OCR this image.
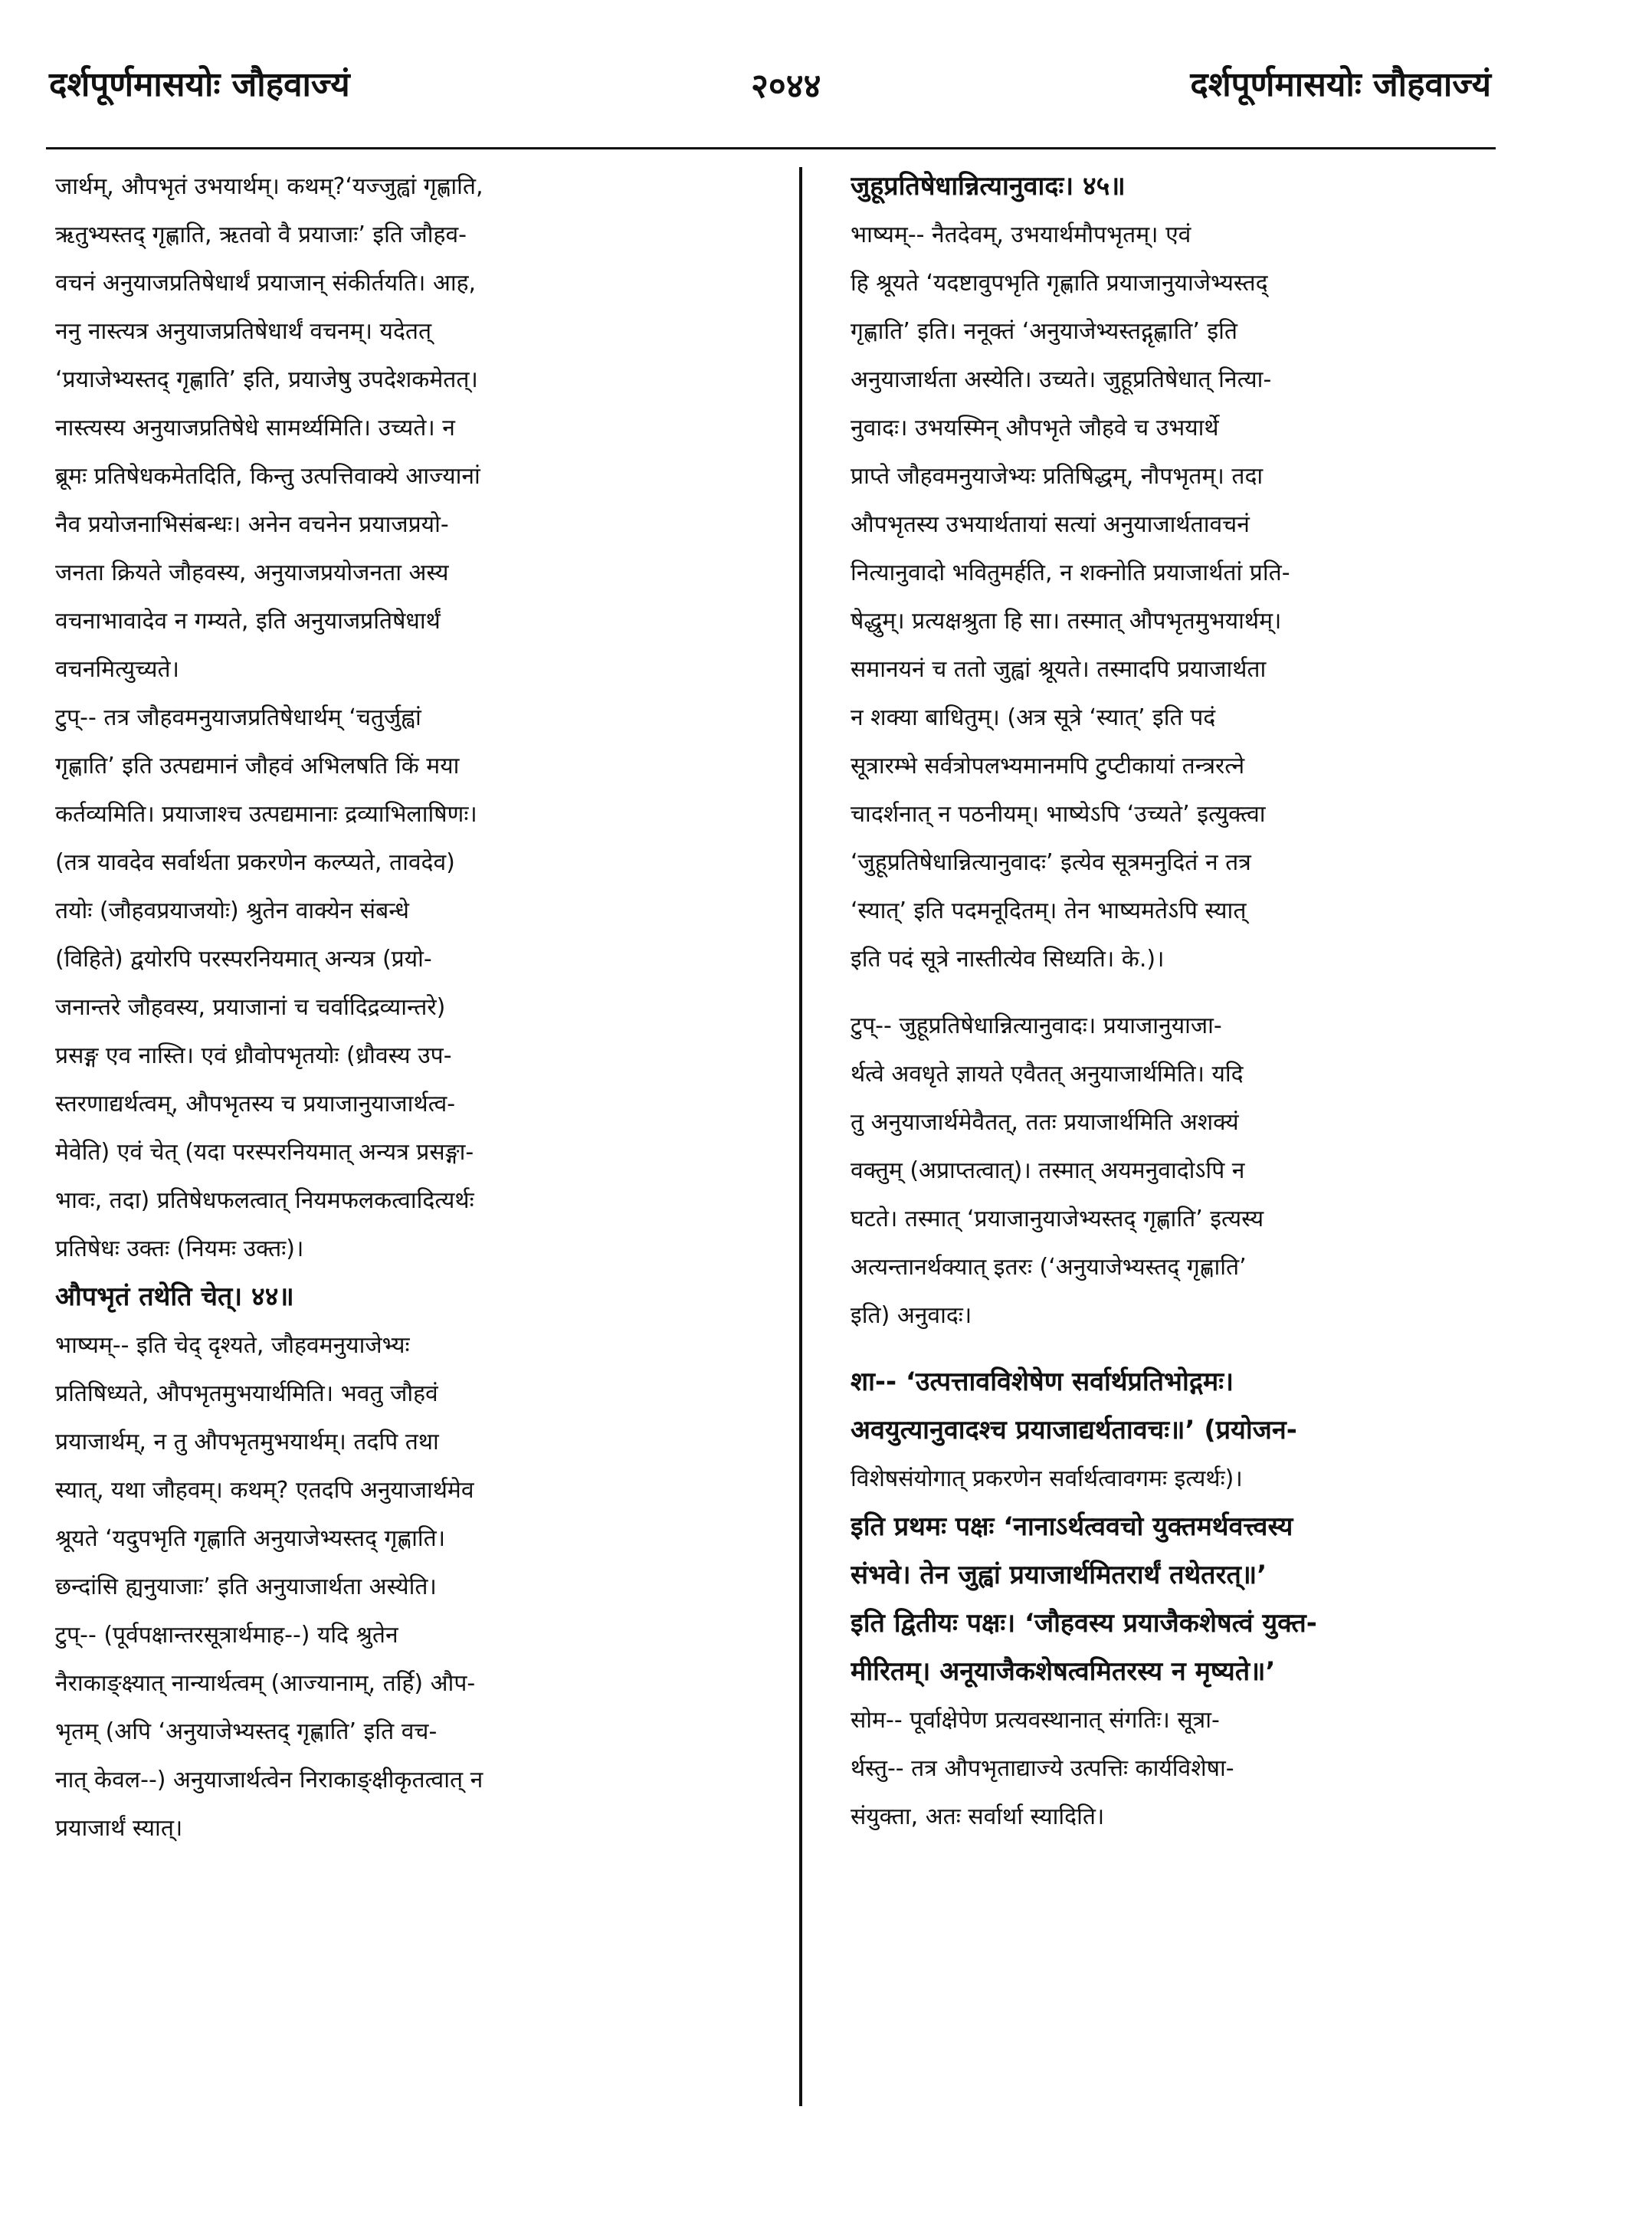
दर्शपूर्णमासयोः जौहवाज्यं	२०४४	दर्शपूर्णमासयोः जौहवाज्यं
जार्थम्, औपभृतं उभयार्थम्। कथम्?‘यज्जुह्वां गृह्णाति,
ऋतुभ्यस्तद् गृह्णाति, ऋतवो वै प्रयाजाः’ इति जौहव-
वचनं अनुयाजप्रतिषेधार्थं प्रयाजान् संकीर्तयति। आह,
ननु नास्त्यत्र अनुयाजप्रतिषेधार्थं वचनम्। यदेतत्
‘प्रयाजेभ्यस्तद् गृह्णाति’ इति, प्रयाजेषु उपदेशकमेतत्।
नास्त्यस्य अनुयाजप्रतिषेधे सामर्थ्यमिति। उच्यते। न
ब्रूमः प्रतिषेधकमेतदिति, किन्तु उत्पत्तिवाक्ये आज्यानां
नैव प्रयोजनाभिसंबन्धः। अनेन वचनेन प्रयाजप्रयो-
जनता क्रियते जौहवस्य, अनुयाजप्रयोजनता अस्य
वचनाभावादेव न गम्यते, इति अनुयाजप्रतिषेधार्थं
वचनमित्युच्यते।
टुप्-- तत्र जौहवमनुयाजप्रतिषेधार्थम् ‘चतुर्जुह्वां
गृह्णाति’ इति उत्पद्यमानं जौहवं अभिलषति किं मया
कर्तव्यमिति। प्रयाजाश्च उत्पद्यमानाः द्रव्याभिलाषिणः।
(तत्र यावदेव सर्वार्थता प्रकरणेन कल्प्यते, तावदेव)
तयोः (जौहवप्रयाजयोः) श्रुतेन वाक्येन संबन्धे
(विहिते) द्वयोरपि परस्परनियमात् अन्यत्र (प्रयो-
जनान्तरे जौहवस्य, प्रयाजानां च चर्वादिद्रव्यान्तरे)
प्रसङ्ग एव नास्ति। एवं ध्रौवोपभृतयोः (ध्रौवस्य उप-
स्तरणाद्यर्थत्वम्, औपभृतस्य च प्रयाजानुयाजार्थत्व-
मेवेति) एवं चेत् (यदा परस्परनियमात् अन्यत्र प्रसङ्गा-
भावः, तदा) प्रतिषेधफलत्वात् नियमफलकत्वादित्यर्थः
प्रतिषेधः उक्तः (नियमः उक्तः)।
औपभृतं तथेति चेत्। ४४॥
भाष्यम्-- इति चेद् दृश्यते, जौहवमनुयाजेभ्यः
प्रतिषिध्यते, औपभृतमुभयार्थमिति। भवतु जौहवं
प्रयाजार्थम्, न तु औपभृतमुभयार्थम्। तदपि तथा
स्यात्, यथा जौहवम्। कथम्? एतदपि अनुयाजार्थमेव
श्रूयते ‘यदुपभृति गृह्णाति अनुयाजेभ्यस्तद् गृह्णाति।
छन्दांसि ह्यनुयाजाः’ इति अनुयाजार्थता अस्येति।
टुप्-- (पूर्वपक्षान्तरसूत्रार्थमाह--) यदि श्रुतेन
नैराकाङ्क्ष्यात् नान्यार्थत्वम् (आज्यानाम्, तर्हि) औप-
भृतम् (अपि ‘अनुयाजेभ्यस्तद् गृह्णाति’ इति वच-
नात् केवल--) अनुयाजार्थत्वेन निराकाङ्क्षीकृतत्वात् न
प्रयाजार्थं स्यात्।
जुहूप्रतिषेधान्नित्यानुवादः। ४५॥
भाष्यम्-- नैतदेवम्, उभयार्थमौपभृतम्। एवं
हि श्रूयते ‘यदष्टावुपभृति गृह्णाति प्रयाजानुयाजेभ्यस्तद्
गृह्णाति’ इति। ननूक्तं ‘अनुयाजेभ्यस्तद्गृह्णाति’ इति
अनुयाजार्थता अस्येति। उच्यते। जुहूप्रतिषेधात् नित्या-
नुवादः। उभयस्मिन् औपभृते जौहवे च उभयार्थे
प्राप्ते जौहवमनुयाजेभ्यः प्रतिषिद्धम्, नौपभृतम्। तदा
औपभृतस्य उभयार्थतायां सत्यां अनुयाजार्थतावचनं
नित्यानुवादो भवितुमर्हति, न शक्नोति प्रयाजार्थतां प्रति-
षेद्धुम्। प्रत्यक्षश्रुता हि सा। तस्मात् औपभृतमुभयार्थम्।
समानयनं च ततो जुह्वां श्रूयते। तस्मादपि प्रयाजार्थता
न शक्या बाधितुम्। (अत्र सूत्रे ‘स्यात्’ इति पदं
सूत्रारम्भे सर्वत्रोपलभ्यमानमपि टुप्टीकायां तन्त्ररत्ने
चादर्शनात् न पठनीयम्। भाष्येऽपि ‘उच्यते’ इत्युक्त्वा
‘जुहूप्रतिषेधान्नित्यानुवादः’ इत्येव सूत्रमनुदितं न तत्र
‘स्यात्’ इति पदमनूदितम्। तेन भाष्यमतेऽपि स्यात्
इति पदं सूत्रे नास्तीत्येव सिध्यति। के.)।
टुप्-- जुहूप्रतिषेधान्नित्यानुवादः। प्रयाजानुयाजा-
र्थत्वे अवधृते ज्ञायते एवैतत् अनुयाजार्थमिति। यदि
तु अनुयाजार्थमेवैतत्, ततः प्रयाजार्थमिति अशक्यं
वक्तुम् (अप्राप्तत्वात्)। तस्मात् अयमनुवादोऽपि न
घटते। तस्मात् ‘प्रयाजानुयाजेभ्यस्तद् गृह्णाति’ इत्यस्य
अत्यन्तानर्थक्यात् इतरः (‘अनुयाजेभ्यस्तद् गृह्णाति’
इति) अनुवादः।
शा-- ‘उत्पत्तावविशेषेण सर्वार्थप्रतिभोद्गमः।
अवयुत्यानुवादश्च प्रयाजाद्यर्थतावचः॥’ (प्रयोजन-
विशेषसंयोगात् प्रकरणेन सर्वार्थत्वावगमः इत्यर्थः)।
इति प्रथमः पक्षः ‘नानाऽर्थत्ववचो युक्तमर्थवत्त्वस्य
संभवे। तेन जुह्वां प्रयाजार्थमितरार्थं तथेतरत्॥’
इति द्वितीयः पक्षः। ‘जौहवस्य प्रयाजैकशेषत्वं युक्त-
मीरितम्। अनूयाजैकशेषत्वमितरस्य न मृष्यते॥’
सोम-- पूर्वाक्षेपेण प्रत्यवस्थानात् संगतिः। सूत्रा-
र्थस्तु-- तत्र औपभृताद्याज्ये उत्पत्तिः कार्यविशेषा-
संयुक्ता, अतः सर्वार्था स्यादिति।
